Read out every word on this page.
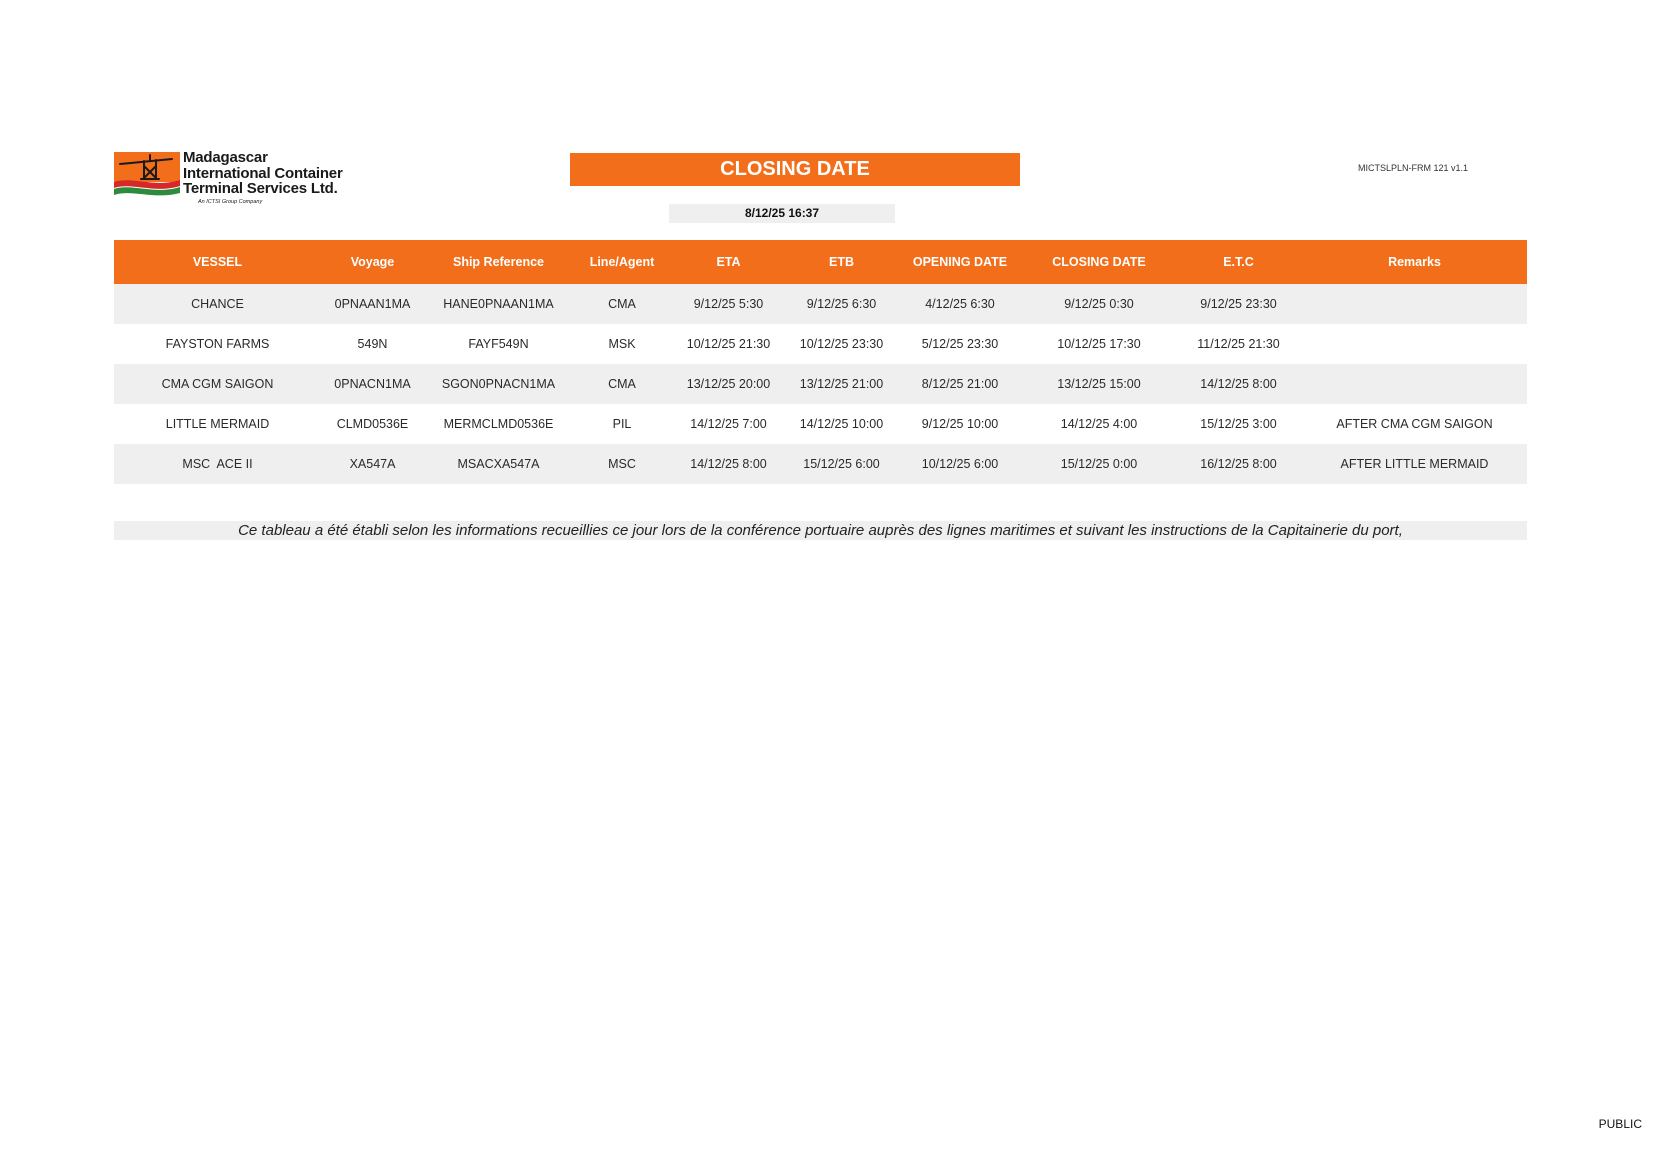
Madagascar
International Container
Terminal Services Ltd.
An ICTSI Group Company
CLOSING DATE	MICTSLPLN-FRM 121 v1.1
8/12/25 16:37
VESSEL	Voyage	Ship Reference	Line/Agent	ETA	ETB	OPENING DATE	CLOSING DATE	E.T.C	Remarks
CHANCE	0PNAAN1MA	HANE0PNAAN1MA	CMA	9/12/25 5:30	9/12/25 6:30	4/12/25 6:30	9/12/25 0:30	9/12/25 23:30	
FAYSTON FARMS	549N	FAYF549N	MSK	10/12/25 21:30	10/12/25 23:30	5/12/25 23:30	10/12/25 17:30	11/12/25 21:30	
CMA CGM SAIGON	0PNACN1MA	SGON0PNACN1MA	CMA	13/12/25 20:00	13/12/25 21:00	8/12/25 21:00	13/12/25 15:00	14/12/25 8:00	
LITTLE MERMAID	CLMD0536E	MERMCLMD0536E	PIL	14/12/25 7:00	14/12/25 10:00	9/12/25 10:00	14/12/25 4:00	15/12/25 3:00	AFTER CMA CGM SAIGON
MSC  ACE II	XA547A	MSACXA547A	MSC	14/12/25 8:00	15/12/25 6:00	10/12/25 6:00	15/12/25 0:00	16/12/25 8:00	AFTER LITTLE MERMAID
Ce tableau a été établi selon les informations recueillies ce jour lors de la conférence portuaire auprès des lignes maritimes et suivant les instructions de la Capitainerie du port,
PUBLIC
